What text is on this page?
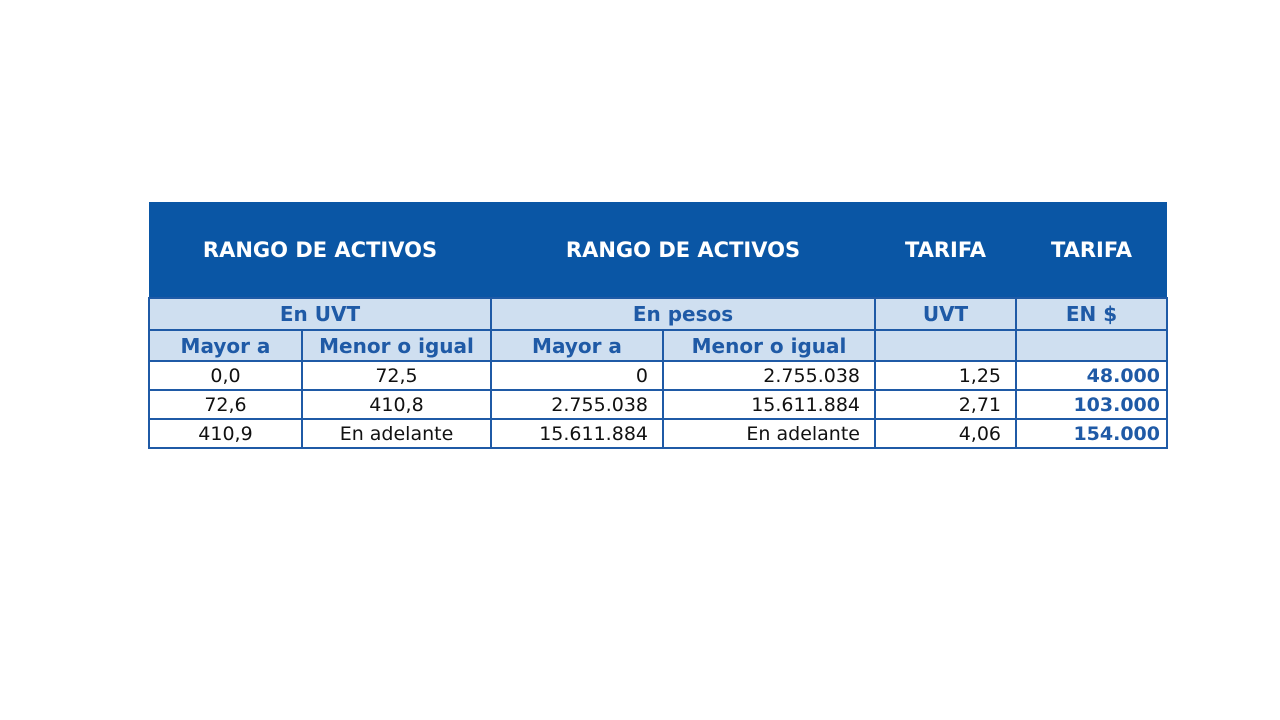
RANGO DE ACTIVOS		RANGO DE ACTIVOS		TARIFA	TARIFA
En UVT		En pesos		UVT	EN $
Mayor a	Menor o igual	Mayor a	Menor o igual		
0,0	72,5	0	2.755.038	1,25	48.000
72,6	410,8	2.755.038	15.611.884	2,71	103.000
410,9	En adelante	15.611.884	En adelante	4,06	154.000
